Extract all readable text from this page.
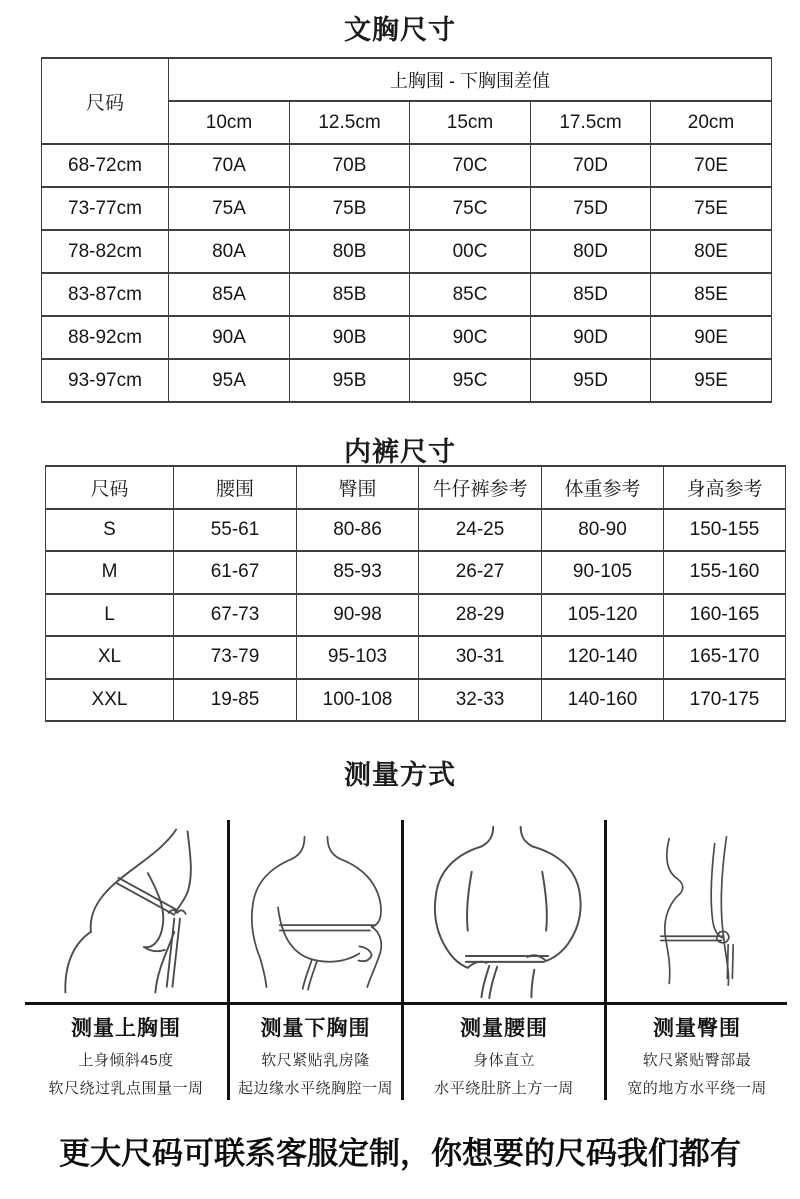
文胸尺寸
尺码	上胸围 - 下胸围差值				
	10cm	12.5cm	15cm	17.5cm	20cm
68-72cm	70A	70B	70C	70D	70E
73-77cm	75A	75B	75C	75D	75E
78-82cm	80A	80B	00C	80D	80E
83-87cm	85A	85B	85C	85D	85E
88-92cm	90A	90B	90C	90D	90E
93-97cm	95A	95B	95C	95D	95E
内裤尺寸
尺码	腰围	臀围	牛仔裤参考	体重参考	身高参考
S	55-61	80-86	24-25	80-90	150-155
M	61-67	85-93	26-27	90-105	155-160
L	67-73	90-98	28-29	105-120	160-165
XL	73-79	95-103	30-31	120-140	165-170
XXL	19-85	100-108	32-33	140-160	170-175
测量方式
测量上胸围
上身倾斜45度
软尺绕过乳点围量一周
测量下胸围
软尺紧贴乳房隆
起边缘水平绕胸腔一周
测量腰围
身体直立
水平绕肚脐上方一周
测量臀围
软尺紧贴臀部最
宽的地方水平绕一周
更大尺码可联系客服定制，你想要的尺码我们都有
